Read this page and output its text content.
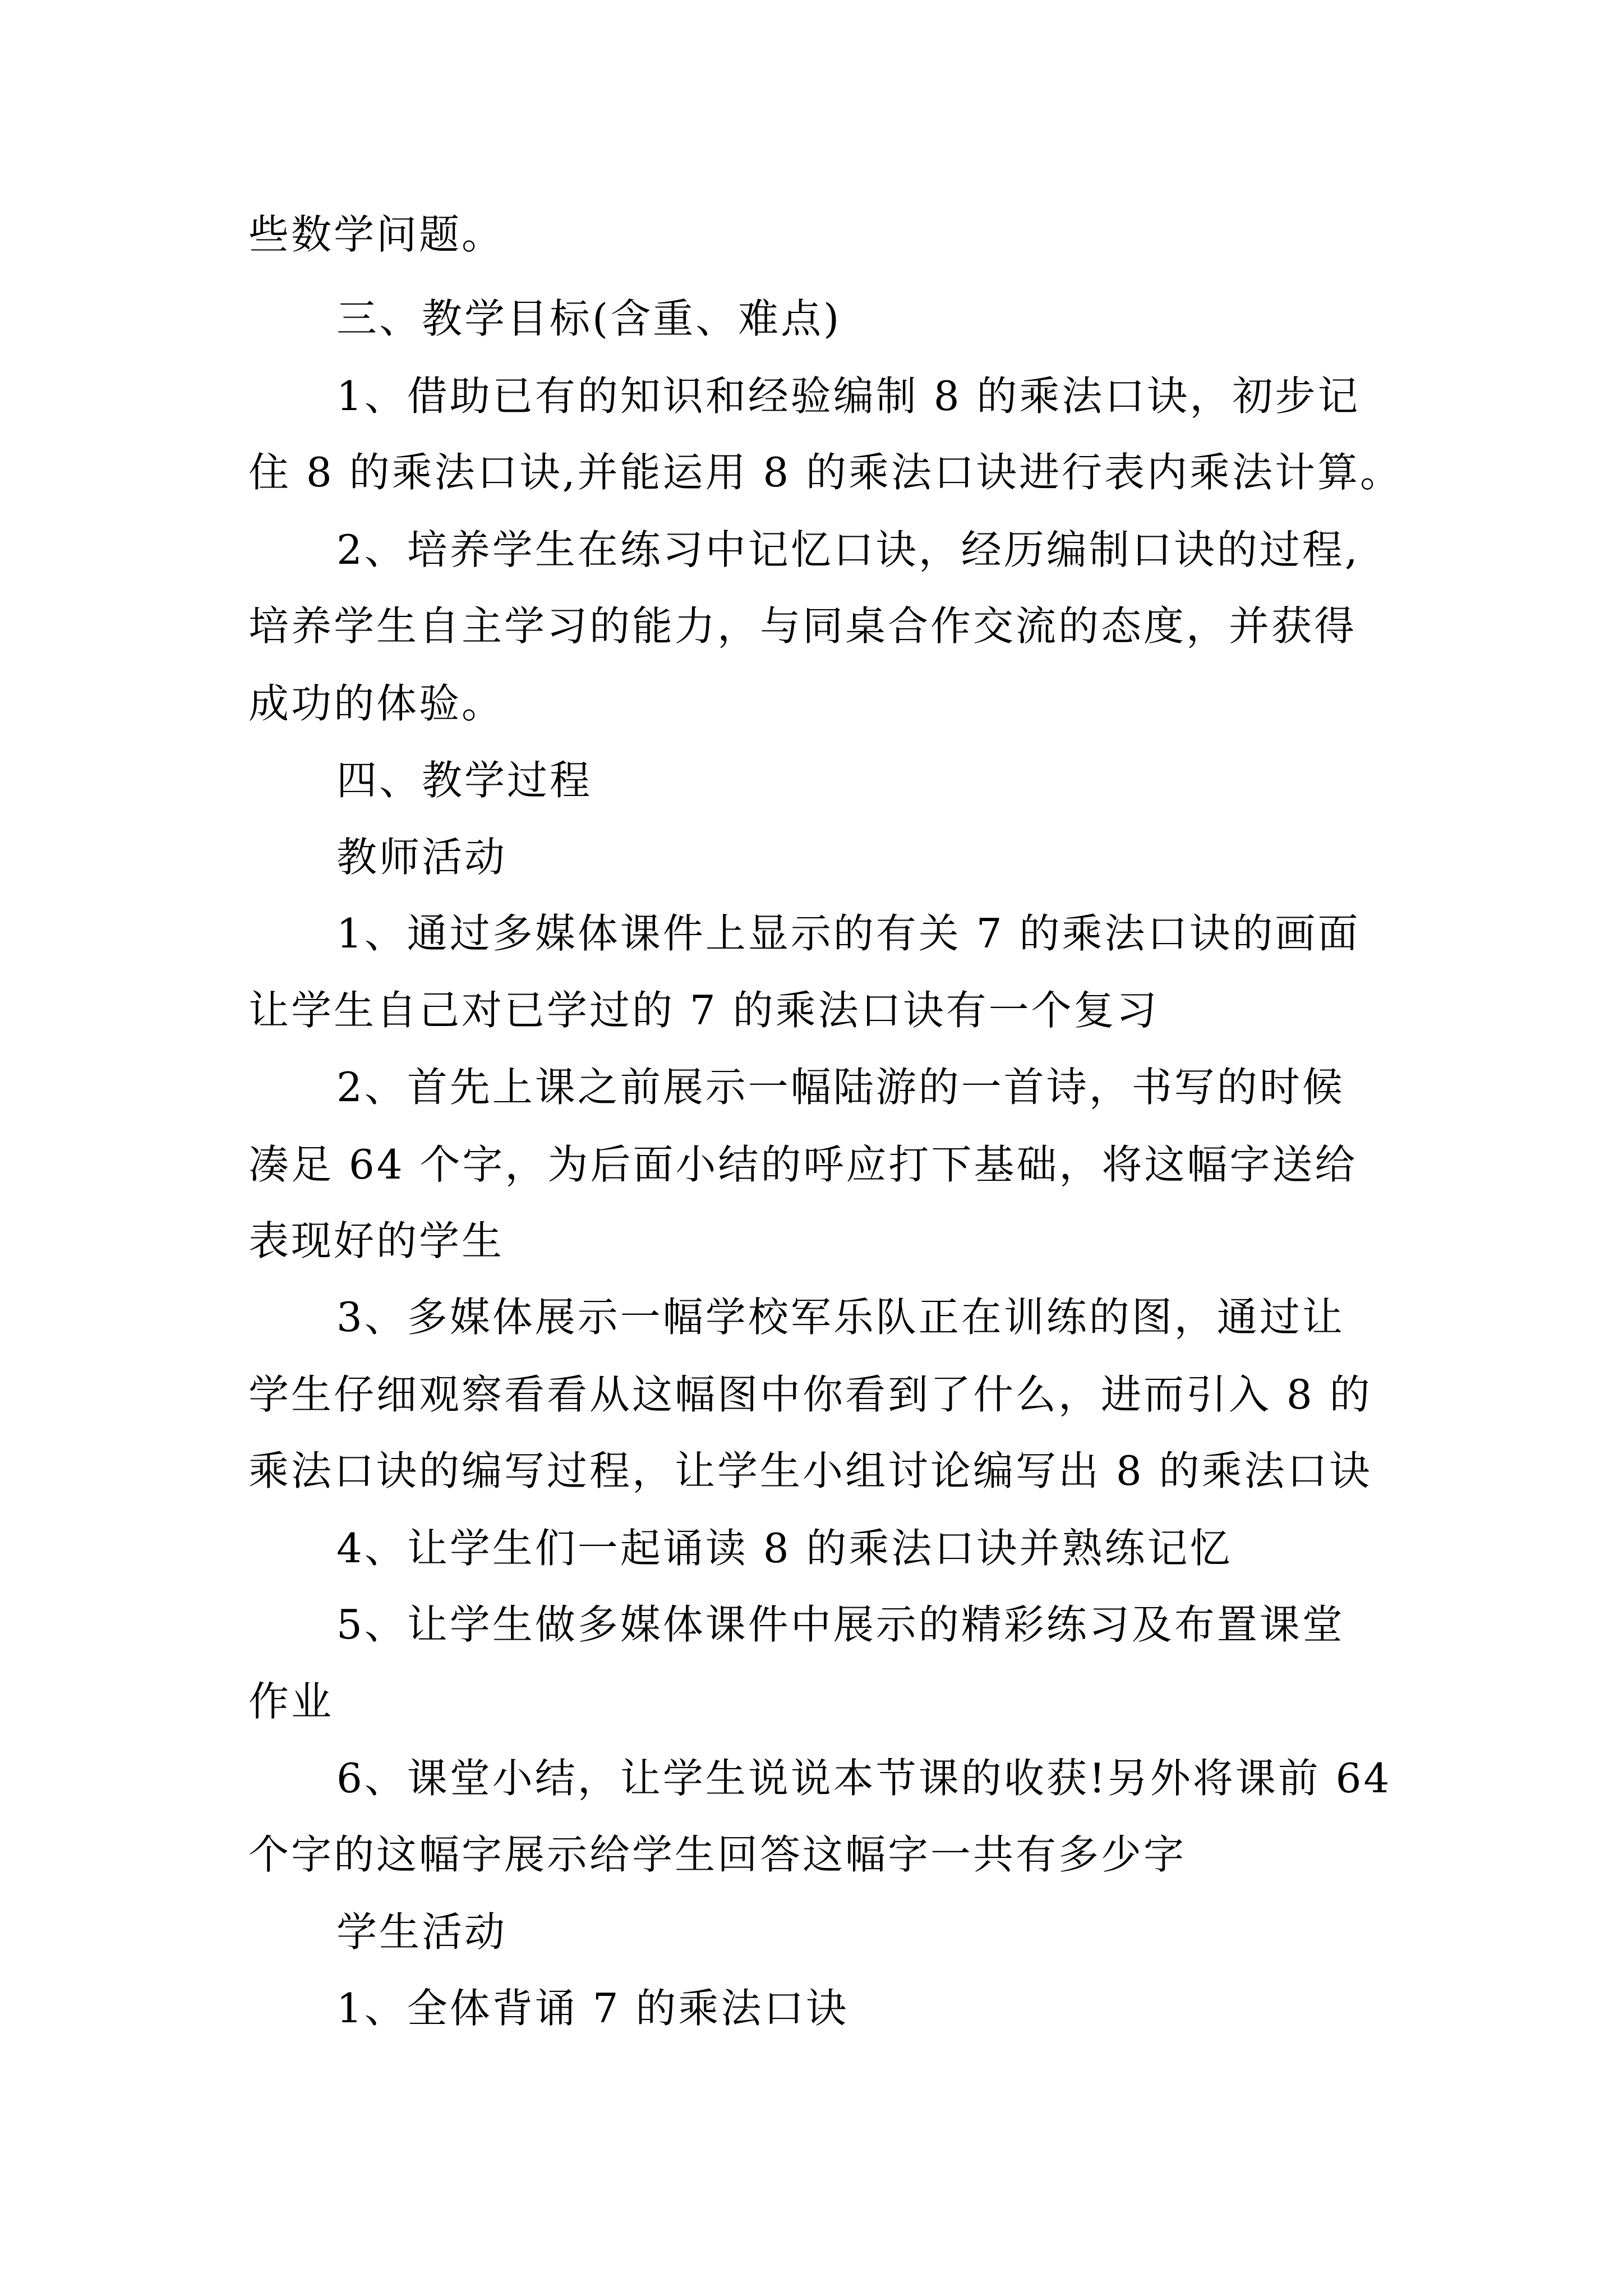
些数学问题。
三、教学目标(含重、难点)
1、借助已有的知识和经验编制 8 的乘法口诀，初步记
住 8 的乘法口诀,并能运用 8 的乘法口诀进行表内乘法计算。
2、培养学生在练习中记忆口诀，经历编制口诀的过程,
培养学生自主学习的能力，与同桌合作交流的态度，并获得
成功的体验。
四、教学过程
教师活动
1、通过多媒体课件上显示的有关 7 的乘法口诀的画面
让学生自己对已学过的 7 的乘法口诀有一个复习
2、首先上课之前展示一幅陆游的一首诗，书写的时候
凑足 64 个字，为后面小结的呼应打下基础，将这幅字送给
表现好的学生
3、多媒体展示一幅学校军乐队正在训练的图，通过让
学生仔细观察看看从这幅图中你看到了什么，进而引入 8 的
乘法口诀的编写过程，让学生小组讨论编写出 8 的乘法口诀
4、让学生们一起诵读 8 的乘法口诀并熟练记忆
5、让学生做多媒体课件中展示的精彩练习及布置课堂
作业
6、课堂小结，让学生说说本节课的收获!另外将课前 64
个字的这幅字展示给学生回答这幅字一共有多少字
学生活动
1、全体背诵 7 的乘法口诀
